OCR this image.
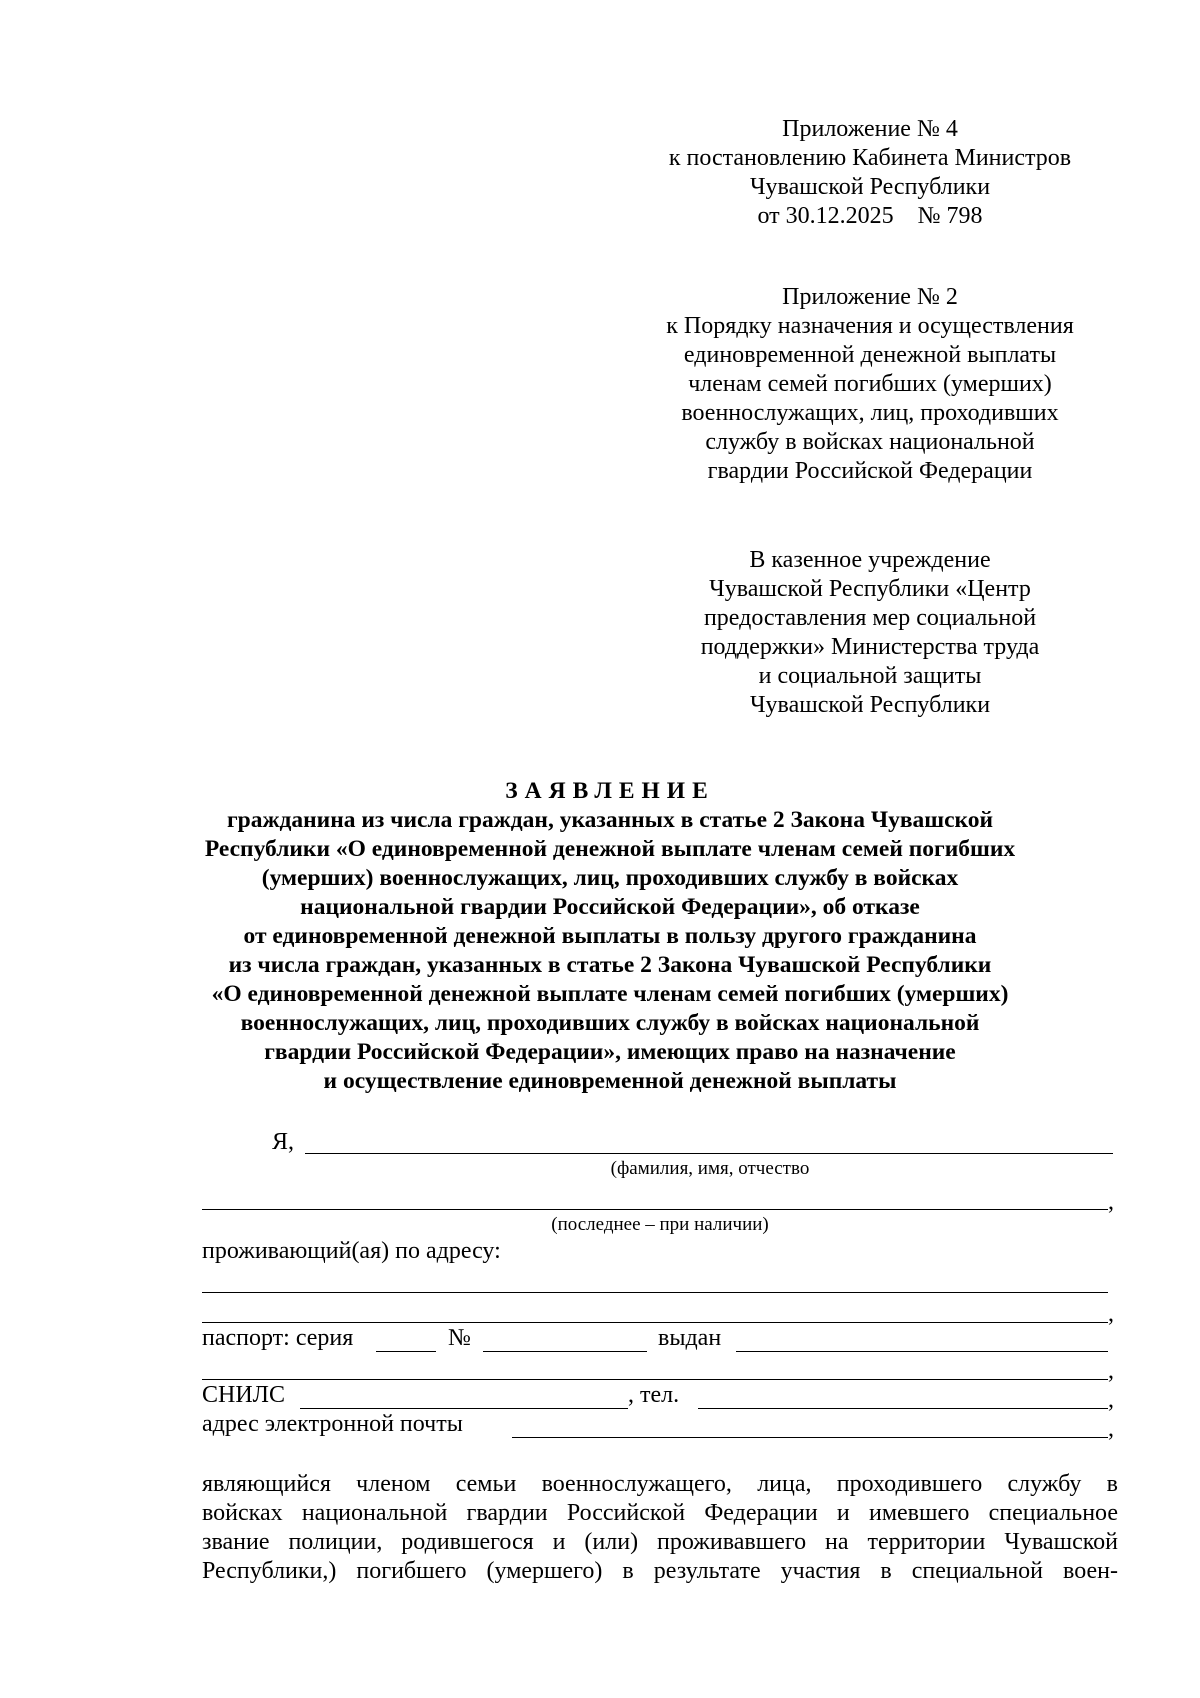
Приложение № 4
к постановлению Кабинета Министров
Чувашской Республики
от 30.12.2025    № 798
Приложение № 2
к Порядку назначения и осуществления
единовременной денежной выплаты
членам семей погибших (умерших)
военнослужащих, лиц, проходивших
службу в войсках национальной
гвардии Российской Федерации
В казенное учреждение
Чувашской Республики «Центр
предоставления мер социальной
поддержки» Министерства труда
и социальной защиты
Чувашской Республики
ЗАЯВЛЕНИЕ
гражданина из числа граждан, указанных в статье 2 Закона Чувашской
Республики «О единовременной денежной выплате членам семей погибших
(умерших) военнослужащих, лиц, проходивших службу в войсках
национальной гвардии Российской Федерации», об отказе
от единовременной денежной выплаты в пользу другого гражданина
из числа граждан, указанных в статье 2 Закона Чувашской Республики
«О единовременной денежной выплате членам семей погибших (умерших)
военнослужащих, лиц, проходивших службу в войсках национальной
гвардии Российской Федерации», имеющих право на назначение
и осуществление единовременной денежной выплаты
Я,
(фамилия, имя, отчество
,
(последнее – при наличии)
проживающий(ая) по адресу:
,
паспорт: серия	№	выдан
,
СНИЛС	, тел.	,
адрес электронной почты	,
являющийся членом семьи военнослужащего, лица, проходившего службу в
войсках национальной гвардии Российской Федерации и имевшего специальное
звание полиции, родившегося и (или) проживавшего на территории Чувашской
Республики,) погибшего (умершего) в результате участия в специальной воен-
